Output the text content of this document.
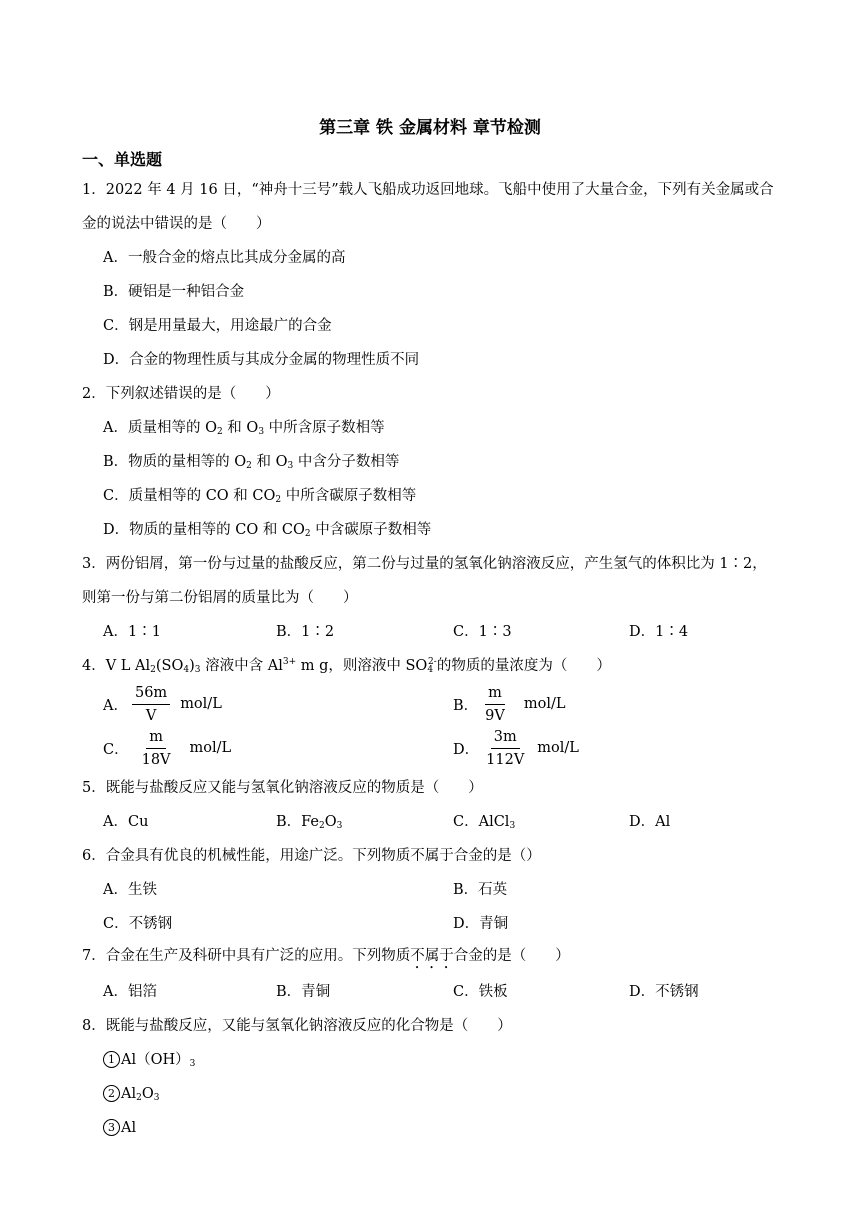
第三章 铁 金属材料 章节检测
一、单选题
1．2022 年 4 月 16 日，“神舟十三号”载人飞船成功返回地球。飞船中使用了大量合金，下列有关金属或合
金的说法中错误的是（　　）
A．一般合金的熔点比其成分金属的高
B．硬铝是一种铝合金
C．钢是用量最大，用途最广的合金
D．合金的物理性质与其成分金属的物理性质不同
2．下列叙述错误的是（　　）
A．质量相等的 $O_2$ 和 $O_3$ 中所含原子数相等
B．物质的量相等的 $O_2$ 和 $O_3$ 中含分子数相等
C．质量相等的 CO 和 $CO_2$ 中所含碳原子数相等
D．物质的量相等的 CO 和 $CO_2$ 中含碳原子数相等
3．两份铝屑，第一份与过量的盐酸反应，第二份与过量的氢氧化钠溶液反应，产生氢气的体积比为 1∶2，
则第一份与第二份铝屑的质量比为（　　）
A．1∶1	B．1∶2	C．1∶3	D．1∶4
4．V L $Al_2(SO_4)_3$ 溶液中含 $Al^{3+}$ m g，则溶液中 $SO_4^{2-}$的物质的量浓度为（　　）
A． $\frac{56m}{V} mol/L$	B． $\frac{m}{9V} mol/L$
C． $\frac{m}{18V} mol/L$	D． $\frac{3m}{112V} mol/L$
5．既能与盐酸反应又能与氢氧化钠溶液反应的物质是（　　）
A．Cu	B．$Fe_2O_3$	C．AlCl$_3$	D．Al
6．合金具有优良的机械性能，用途广泛。下列物质不属于合金的是（）
A．生铁	B．石英
C．不锈钢	D．青铜
7．合金在生产及科研中具有广泛的应用。下列物质不属于合金的是（　　）
A．铝箔	B．青铜	C．铁板	D．不锈钢
8．既能与盐酸反应，又能与氢氧化钠溶液反应的化合物是（　　）
1 $Al(OH)_3$
2 $Al_2O_3$
3 Al
